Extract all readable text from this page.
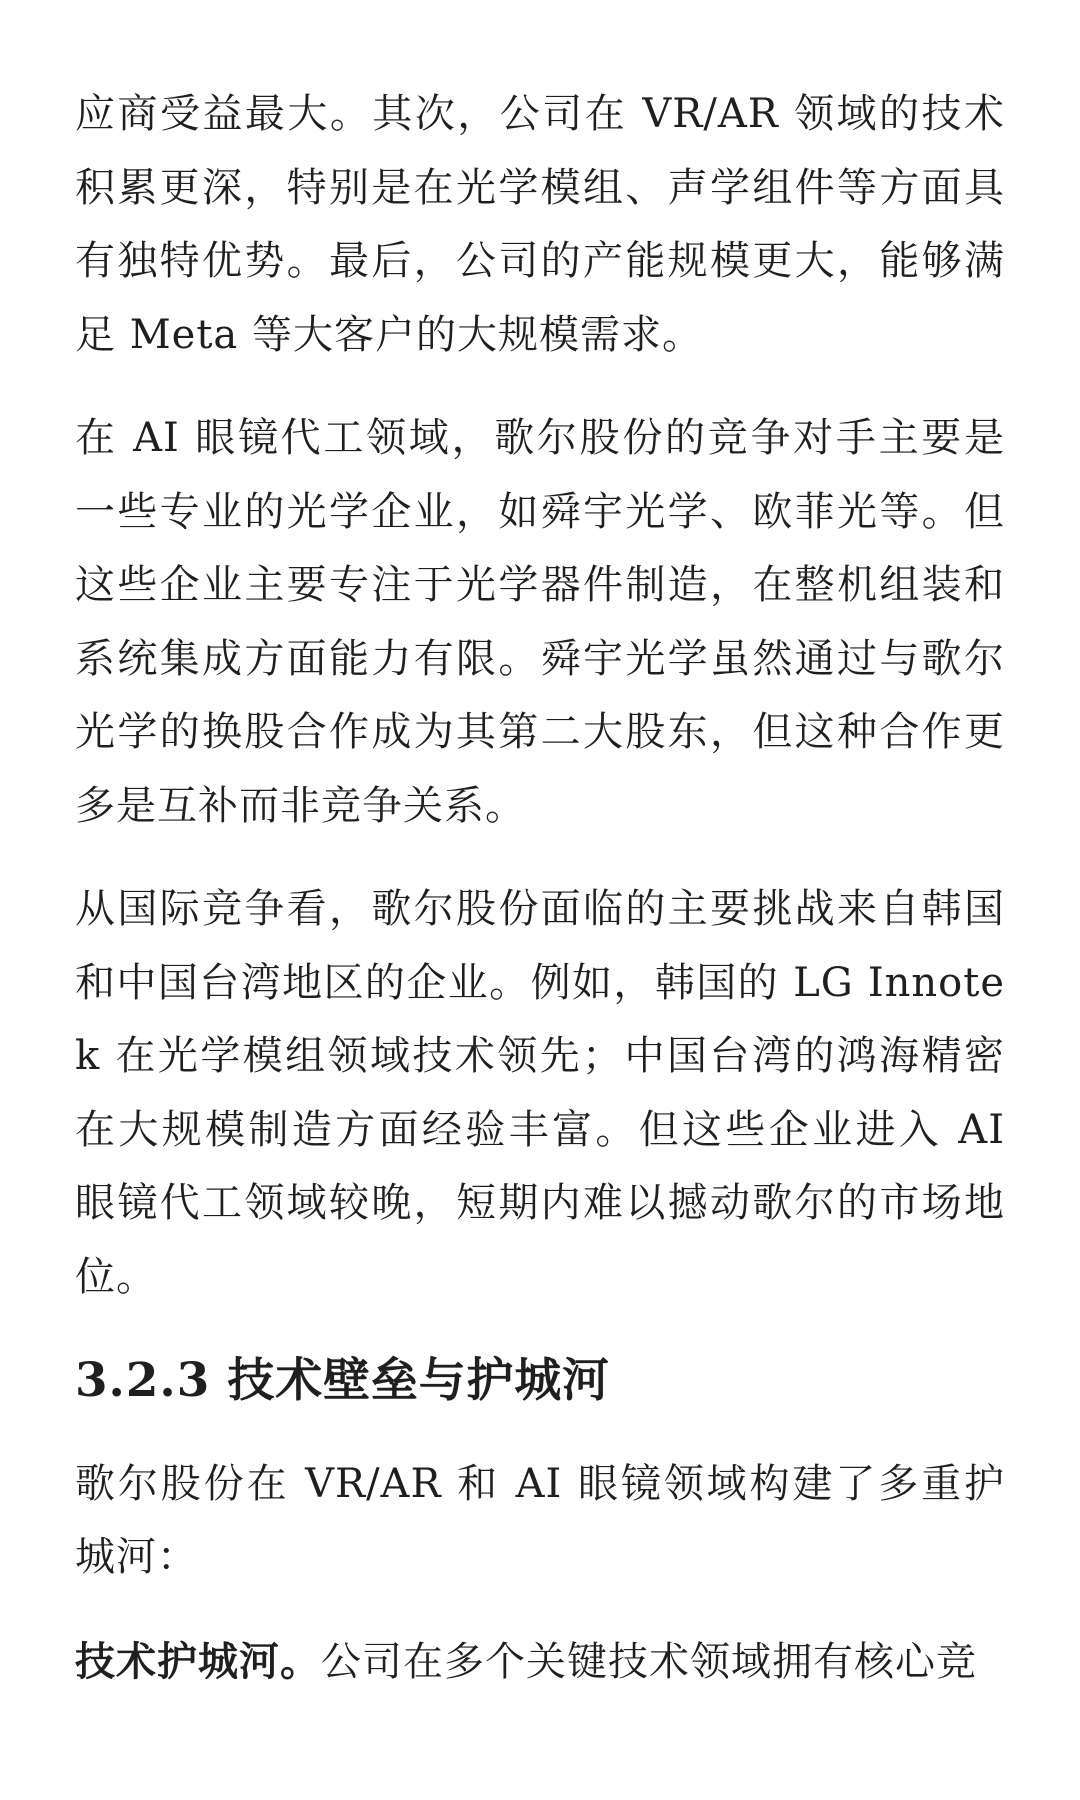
应商受益最大。其次，公司在 VR/AR 领域的技术积累更深，特别是在光学模组、声学组件等方面具有独特优势。最后，公司的产能规模更大，能够满足 Meta 等大客户的大规模需求。

在 AI 眼镜代工领域，歌尔股份的竞争对手主要是一些专业的光学企业，如舜宇光学、欧菲光等。但这些企业主要专注于光学器件制造，在整机组装和系统集成方面能力有限。舜宇光学虽然通过与歌尔光学的换股合作成为其第二大股东，但这种合作更多是互补而非竞争关系。

从国际竞争看，歌尔股份面临的主要挑战来自韩国和中国台湾地区的企业。例如，韩国的 LG Innotek 在光学模组领域技术领先；中国台湾的鸿海精密在大规模制造方面经验丰富。但这些企业进入 AI 眼镜代工领域较晚，短期内难以撼动歌尔的市场地位。

3.2.3 技术壁垒与护城河

歌尔股份在 VR/AR 和 AI 眼镜领域构建了多重护城河：

技术护城河。公司在多个关键技术领域拥有核心竞
